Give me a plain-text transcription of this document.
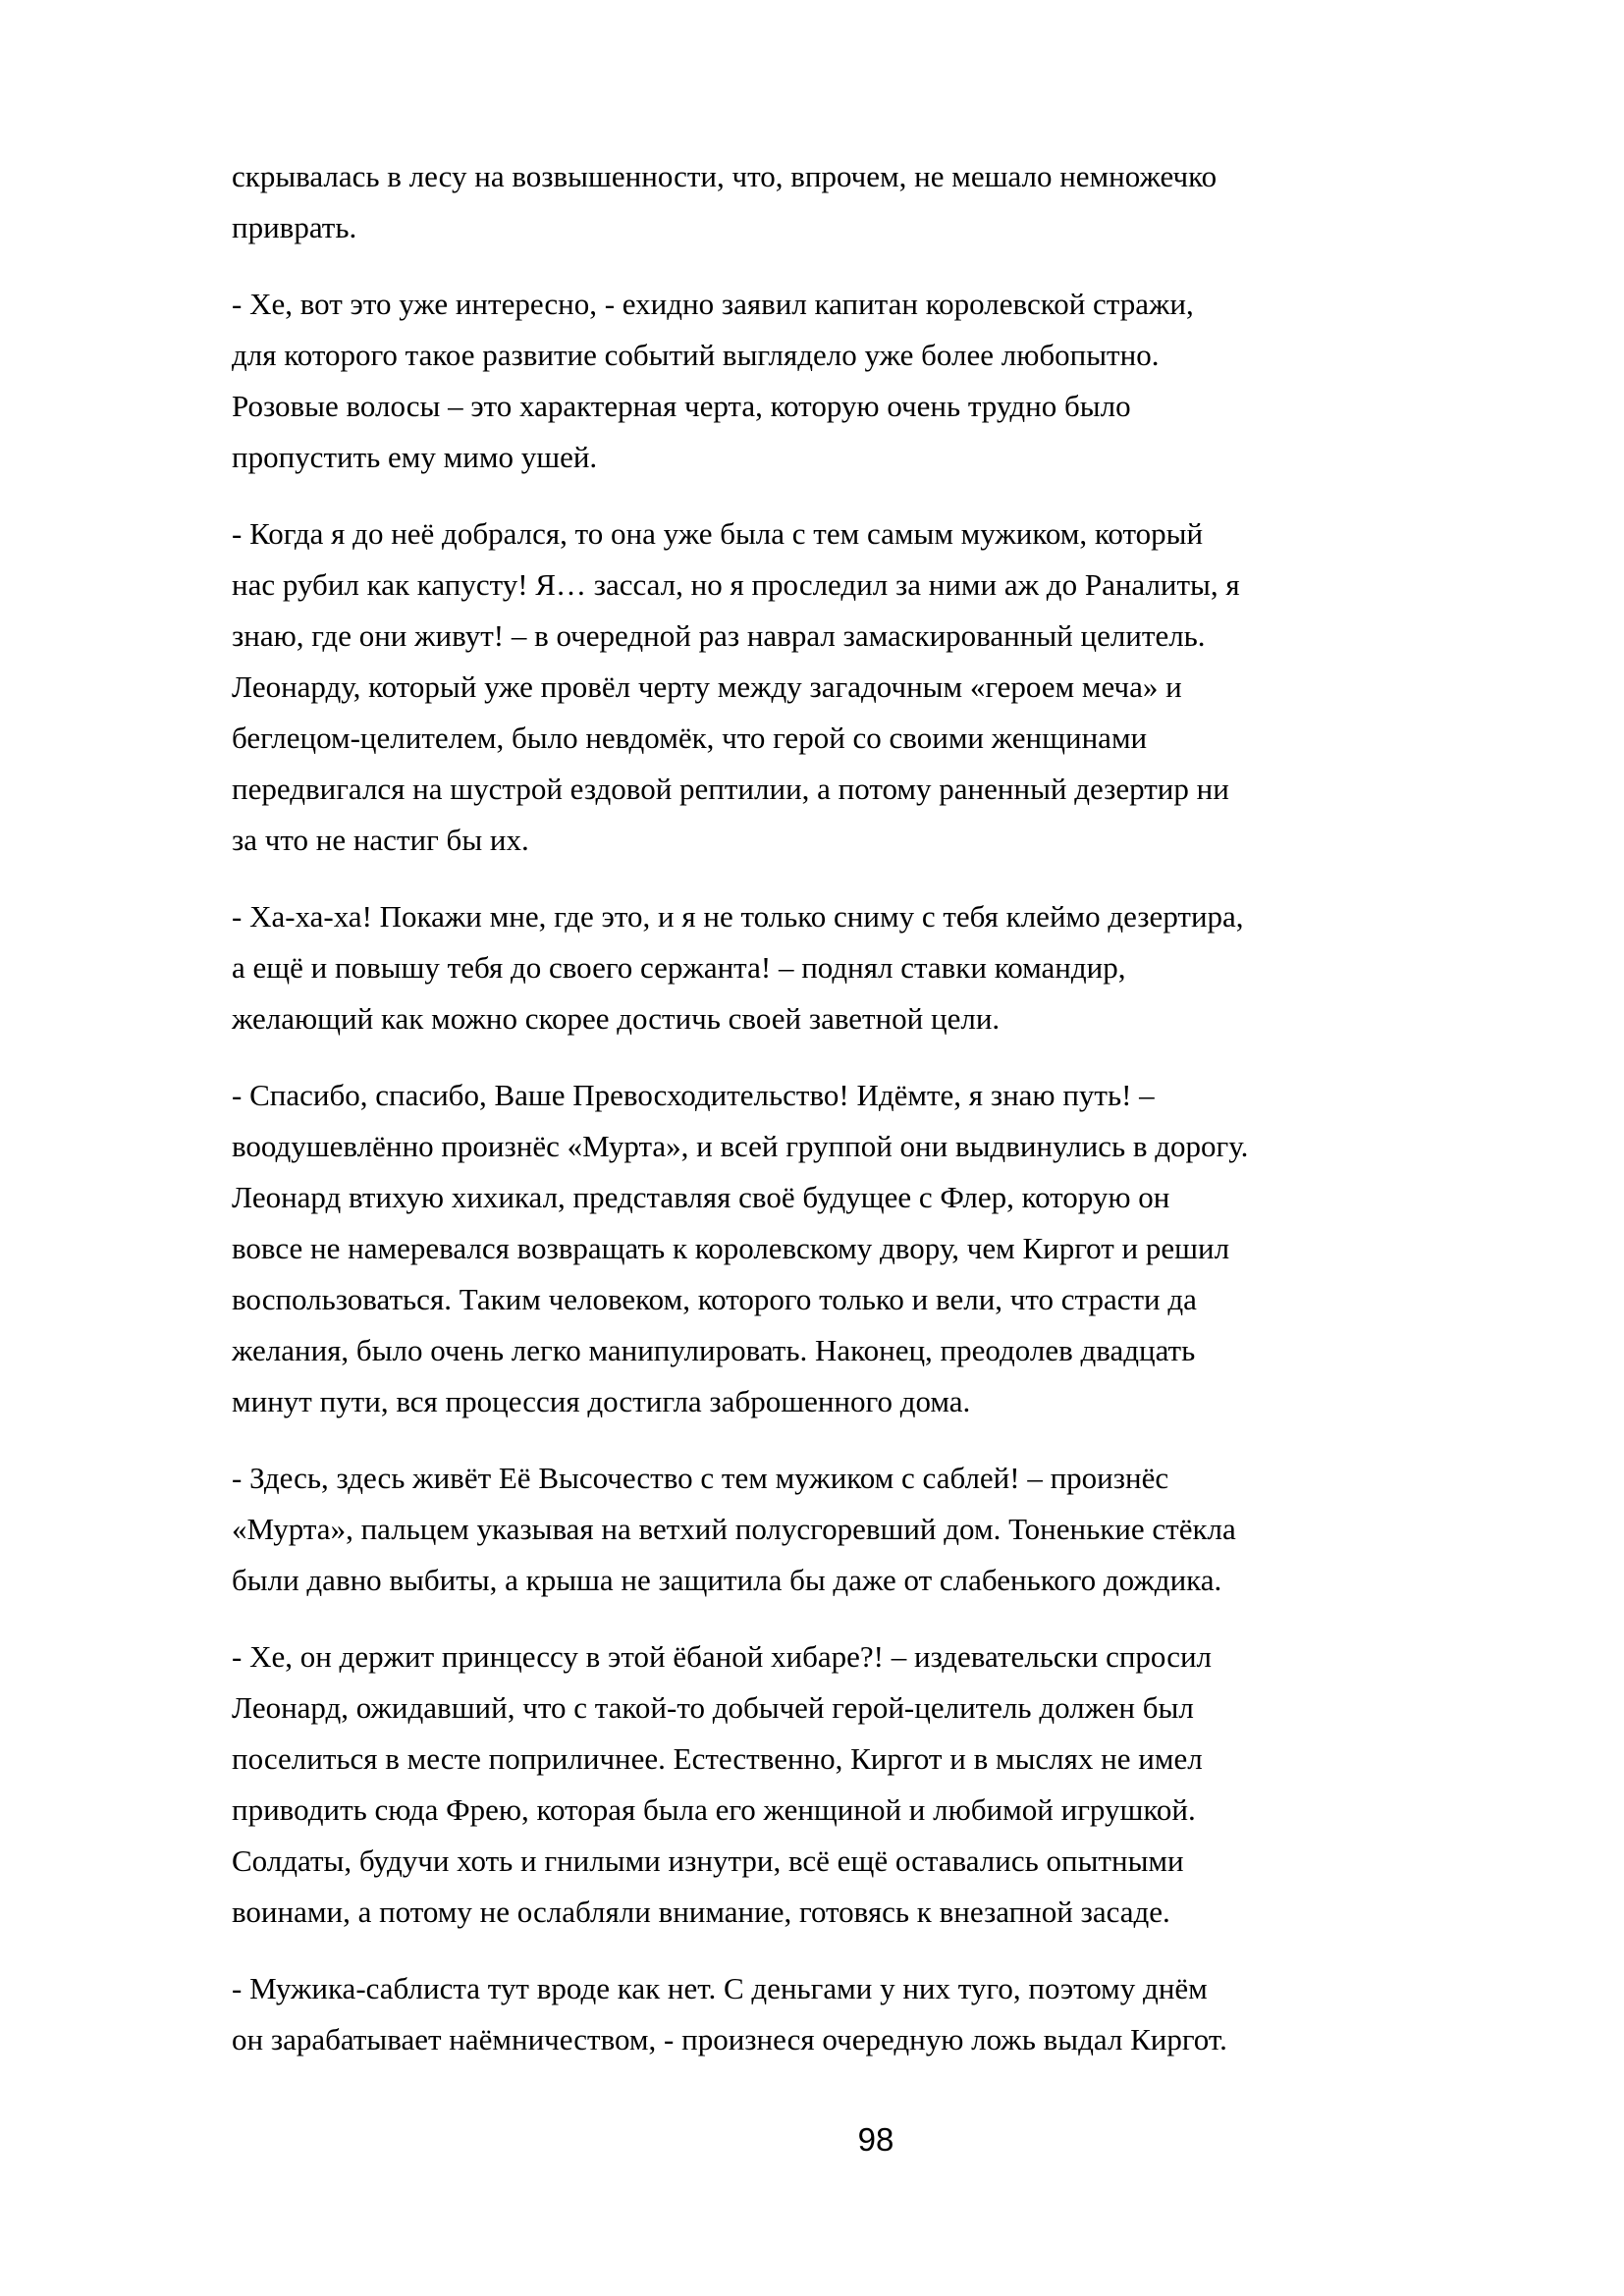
скрывалась в лесу на возвышенности, что, впрочем, не мешало немножечко
приврать.
- Хе, вот это уже интересно, - ехидно заявил капитан королевской стражи,
для которого такое развитие событий выглядело уже более любопытно.
Розовые волосы – это характерная черта, которую очень трудно было
пропустить ему мимо ушей.
- Когда я до неё добрался, то она уже была с тем самым мужиком, который
нас рубил как капусту! Я… зассал, но я проследил за ними аж до Раналиты, я
знаю, где они живут! – в очередной раз наврал замаскированный целитель.
Леонарду, который уже провёл черту между загадочным «героем меча» и
беглецом-целителем, было невдомёк, что герой со своими женщинами
передвигался на шустрой ездовой рептилии, а потому раненный дезертир ни
за что не настиг бы их.
- Ха-ха-ха! Покажи мне, где это, и я не только сниму с тебя клеймо дезертира,
а ещё и повышу тебя до своего сержанта! – поднял ставки командир,
желающий как можно скорее достичь своей заветной цели.
- Спасибо, спасибо, Ваше Превосходительство! Идёмте, я знаю путь! –
воодушевлённо произнёс «Мурта», и всей группой они выдвинулись в дорогу.
Леонард втихую хихикал, представляя своё будущее с Флер, которую он
вовсе не намеревался возвращать к королевскому двору, чем Киргот и решил
воспользоваться. Таким человеком, которого только и вели, что страсти да
желания, было очень легко манипулировать. Наконец, преодолев двадцать
минут пути, вся процессия достигла заброшенного дома.
- Здесь, здесь живёт Её Высочество с тем мужиком с саблей! – произнёс
«Мурта», пальцем указывая на ветхий полусгоревший дом. Тоненькие стёкла
были давно выбиты, а крыша не защитила бы даже от слабенького дождика.
- Хе, он держит принцессу в этой ёбаной хибаре?! – издевательски спросил
Леонард, ожидавший, что с такой-то добычей герой-целитель должен был
поселиться в месте поприличнее. Естественно, Киргот и в мыслях не имел
приводить сюда Фрею, которая была его женщиной и любимой игрушкой.
Солдаты, будучи хоть и гнилыми изнутри, всё ещё оставались опытными
воинами, а потому не ослабляли внимание, готовясь к внезапной засаде.
- Мужика-саблиста тут вроде как нет. С деньгами у них туго, поэтому днём
он зарабатывает наёмничеством, - произнеся очередную ложь выдал Киргот.
98
